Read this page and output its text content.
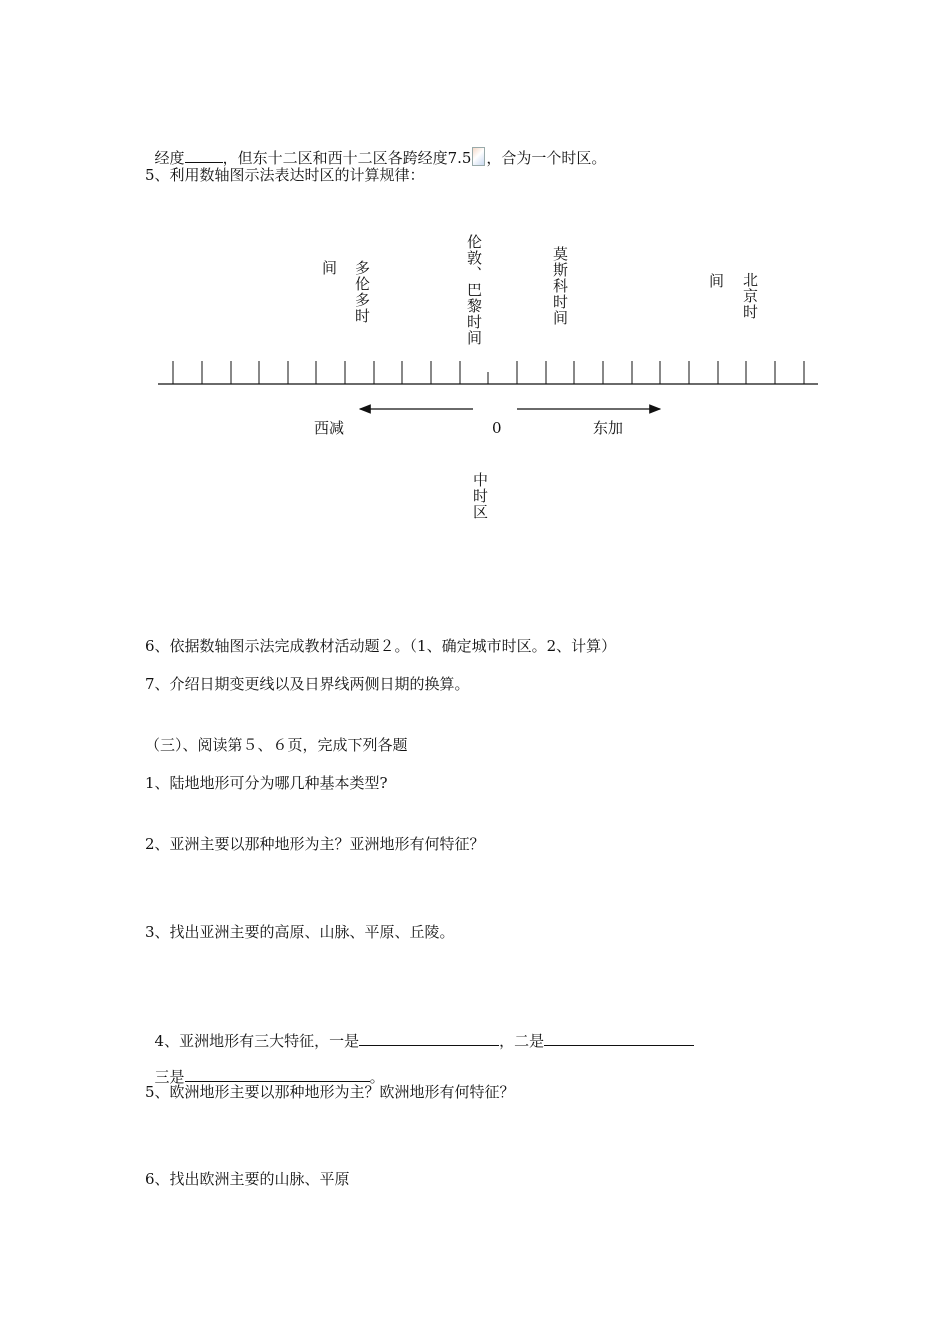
经度	，但东十二区和西十二区各跨经度7.5 ，合为一个时区。

5、利用数轴图示法表达时区的计算规律：
间 多伦多时	伦敦、巴黎时间	莫斯科时间	间 北京时
西减	0	东加
中时区
6、依据数轴图示法完成教材活动题２。（1、确定城市时区。2、计算）
7、介绍日期变更线以及日界线两侧日期的换算。
（三）、阅读第５、６页，完成下列各题
1、陆地地形可分为哪几种基本类型?
2、亚洲主要以那种地形为主？亚洲地形有何特征？
3、找出亚洲主要的高原、山脉、平原、丘陵。

4、亚洲地形有三大特征，一是	，二是

三是	。

5、欧洲地形主要以那种地形为主？欧洲地形有何特征？
6、找出欧洲主要的山脉、平原
